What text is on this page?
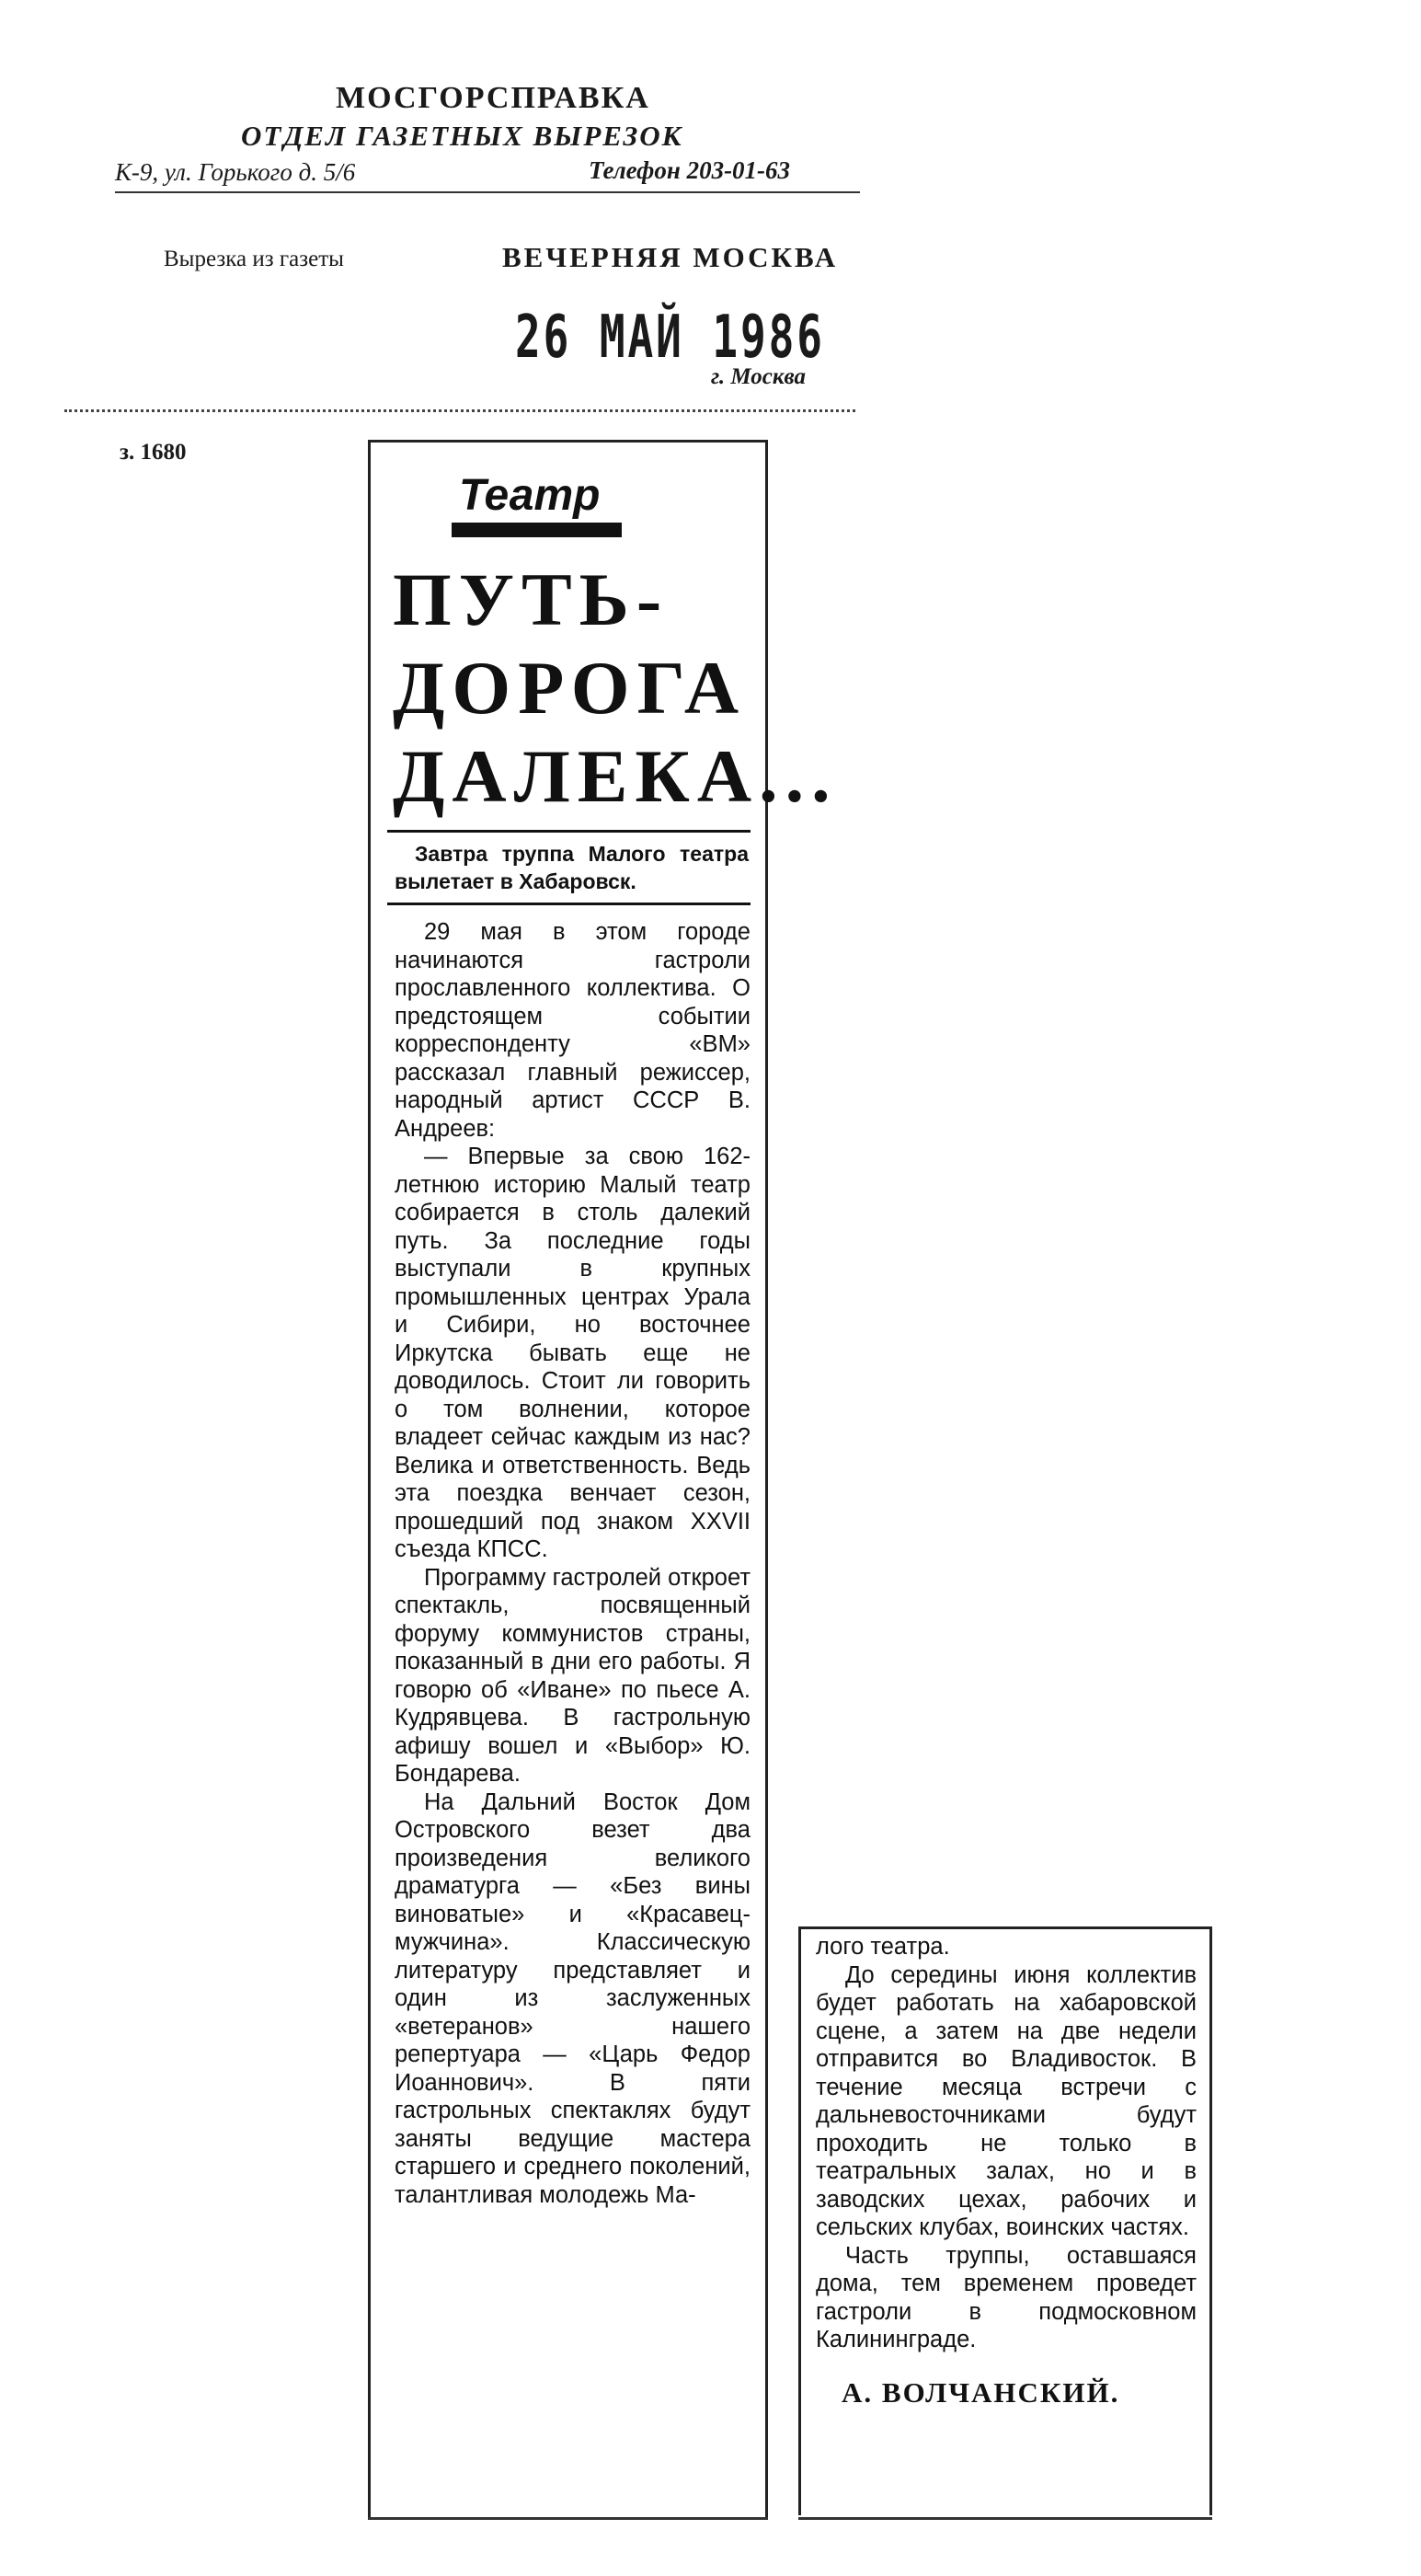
МОСГОРСПРАВКА
ОТДЕЛ ГАЗЕТНЫХ ВЫРЕЗОК
К-9, ул. Горького д. 5/6	Телефон 203-01-63
Вырезка из газеты	ВЕЧЕРНЯЯ МОСКВА
26 МАЙ 1986
г. Москва
з. 1680
Театр
ПУТЬ-
ДОРОГА
ДАЛЕКА...
Завтра труппа Малого театра вылетает в Хабаровск.

29 мая в этом городе начинаются гастроли прославленного коллектива. О предстоящем событии корреспонденту «ВМ» рассказал главный режиссер, народный артист СССР В. Андреев:

— Впервые за свою 162-летнюю историю Малый театр собирается в столь далекий путь. За последние годы выступали в крупных промышленных центрах Урала и Сибири, но восточнее Иркутска бывать еще не доводилось. Стоит ли говорить о том волнении, которое владеет сейчас каждым из нас? Велика и ответственность. Ведь эта поездка венчает сезон, прошедший под знаком XXVII съезда КПСС.

Программу гастролей откроет спектакль, посвященный форуму коммунистов страны, показанный в дни его работы. Я говорю об «Иване» по пьесе А. Кудрявцева. В гастрольную афишу вошел и «Выбор» Ю. Бондарева.

На Дальний Восток Дом Островского везет два произведения великого драматурга — «Без вины виноватые» и «Красавец-мужчина». Классическую литературу представляет и один из заслуженных «ветеранов» нашего репертуара — «Царь Федор Иоаннович». В пяти гастрольных спектаклях будут заняты ведущие мастера старшего и среднего поколений, талантливая молодежь Ма-

лого театра.

До середины июня коллектив будет работать на хабаровской сцене, а затем на две недели отправится во Владивосток. В течение месяца встречи с дальневосточниками будут проходить не только в театральных залах, но и в заводских цехах, рабочих и сельских клубах, воинских частях.

Часть труппы, оставшаяся дома, тем временем проведет гастроли в подмосковном Калининграде.

А. ВОЛЧАНСКИЙ.
